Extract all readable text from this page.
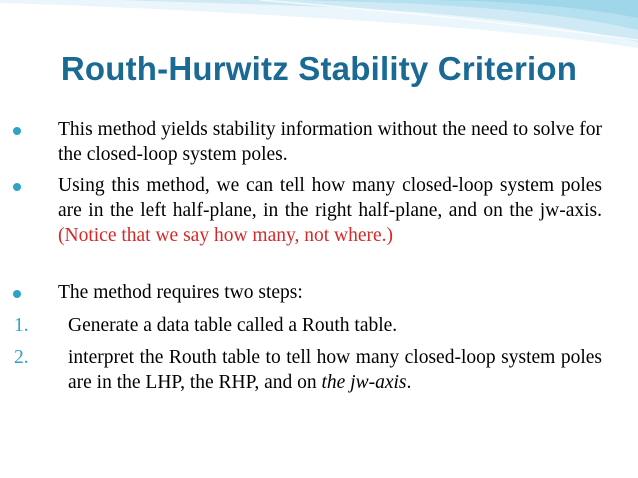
Routh-Hurwitz Stability Criterion

This method yields stability information without the need to solve for the closed-loop system poles.

Using this method, we can tell how many closed-loop system poles are in the left half-plane, in the right half-plane, and on the jw-axis. (Notice that we say how many, not where.)

The method requires two steps:

1. Generate a data table called a Routh table.

2. interpret the Routh table to tell how many closed-loop system poles are in the LHP, the RHP, and on the jw-axis.
